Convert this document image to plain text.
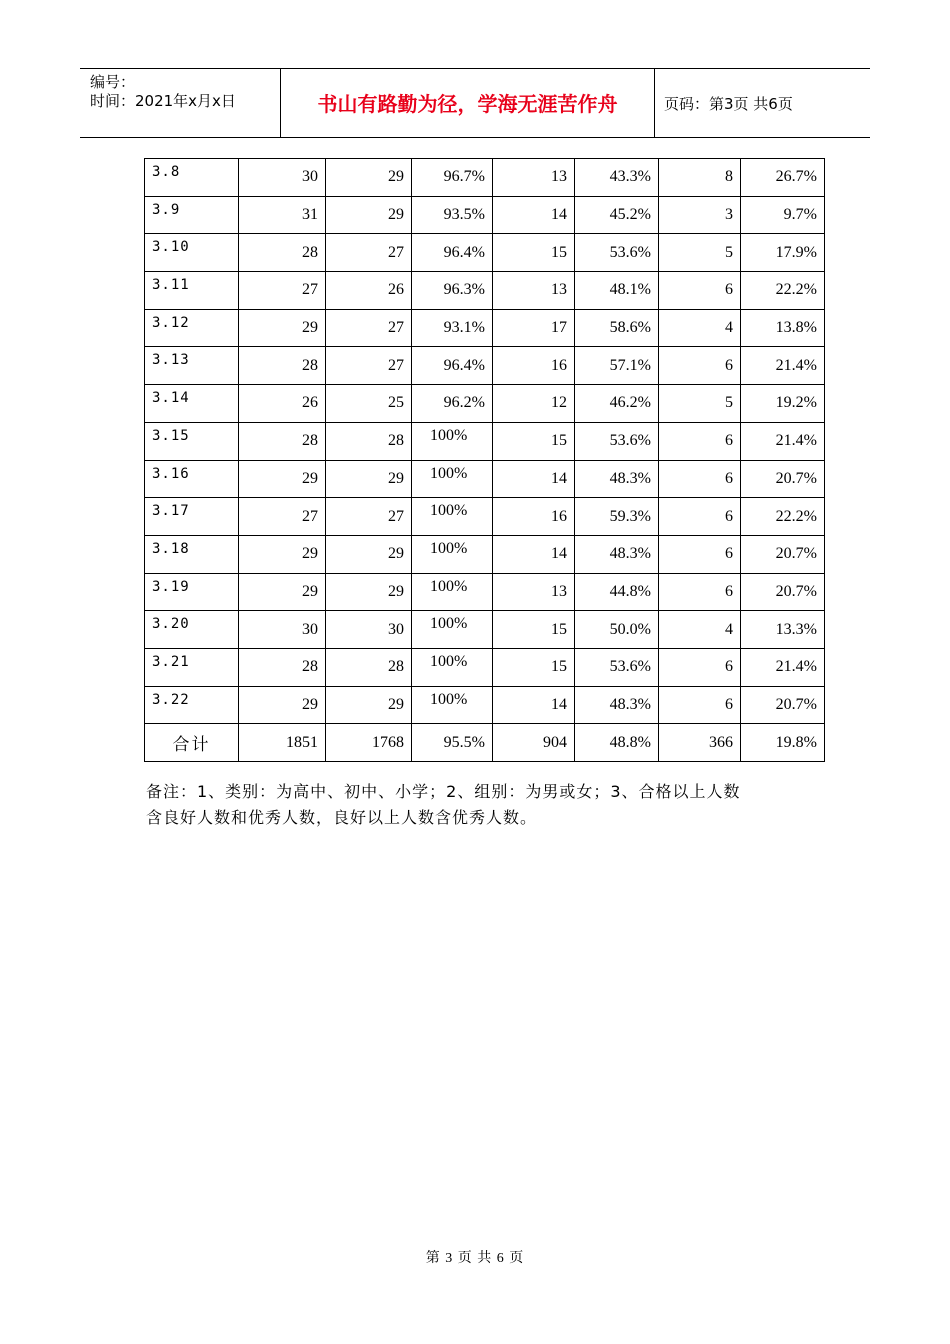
编号：
时间：2021年x月x日	书山有路勤为径，学海无涯苦作舟	页码：第3页 共6页
3.8	30	29	96.7%	13	43.3%	8	26.7%
3.9	31	29	93.5%	14	45.2%	3	9.7%
3.10	28	27	96.4%	15	53.6%	5	17.9%
3.11	27	26	96.3%	13	48.1%	6	22.2%
3.12	29	27	93.1%	17	58.6%	4	13.8%
3.13	28	27	96.4%	16	57.1%	6	21.4%
3.14	26	25	96.2%	12	46.2%	5	19.2%
3.15	28	28	100%	15	53.6%	6	21.4%
3.16	29	29	100%	14	48.3%	6	20.7%
3.17	27	27	100%	16	59.3%	6	22.2%
3.18	29	29	100%	14	48.3%	6	20.7%
3.19	29	29	100%	13	44.8%	6	20.7%
3.20	30	30	100%	15	50.0%	4	13.3%
3.21	28	28	100%	15	53.6%	6	21.4%
3.22	29	29	100%	14	48.3%	6	20.7%
合计	1851	1768	95.5%	904	48.8%	366	19.8%
备注：1、类别：为高中、初中、小学；2、组别：为男或女；3、合格以上人数
含良好人数和优秀人数，良好以上人数含优秀人数。
第 3 页 共 6 页
